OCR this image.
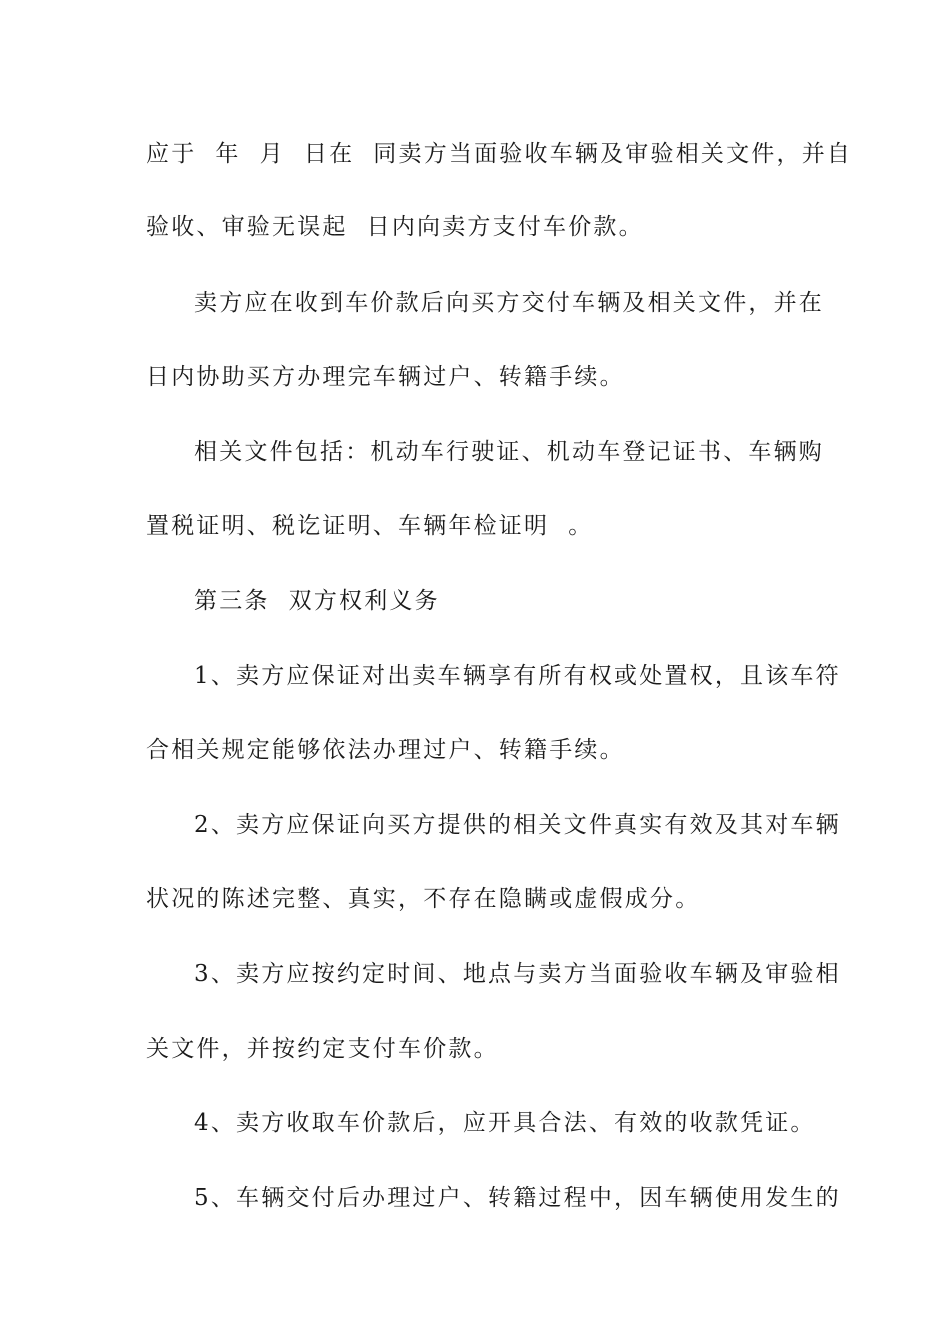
应于  年  月  日在  同卖方当面验收车辆及审验相关文件，并自
验收、审验无误起  日内向卖方支付车价款。
卖方应在收到车价款后向买方交付车辆及相关文件，并在
日内协助买方办理完车辆过户、转籍手续。
相关文件包括：机动车行驶证、机动车登记证书、车辆购
置税证明、税讫证明、车辆年检证明  。
第三条  双方权利义务
1、卖方应保证对出卖车辆享有所有权或处置权，且该车符
合相关规定能够依法办理过户、转籍手续。
2、卖方应保证向买方提供的相关文件真实有效及其对车辆
状况的陈述完整、真实，不存在隐瞒或虚假成分。
3、卖方应按约定时间、地点与卖方当面验收车辆及审验相
关文件，并按约定支付车价款。
4、卖方收取车价款后，应开具合法、有效的收款凭证。
5、车辆交付后办理过户、转籍过程中，因车辆使用发生的
